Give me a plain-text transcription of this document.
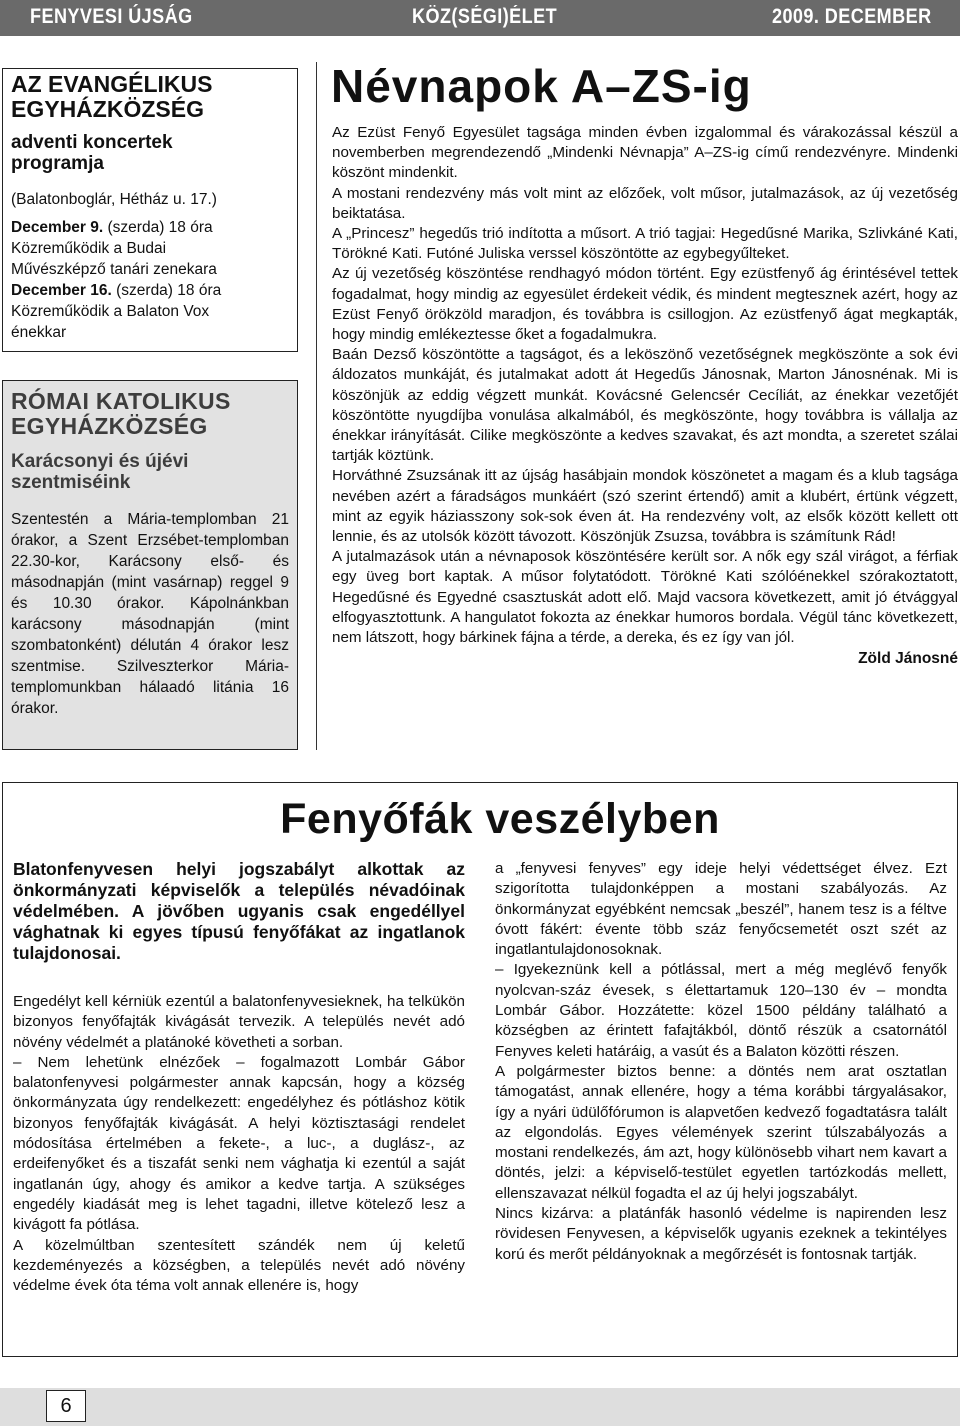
FENYVESI ÚJSÁG	KÖZ(SÉGI)ÉLET	2009. DECEMBER
AZ EVANGÉLIKUS
EGYHÁZKÖZSÉG
adventi koncertek
programja
(Balatonboglár, Hétház u. 17.)
December 9. (szerda) 18 óra
Közreműködik a Budai
Művészképző tanári zenekara
December 16. (szerda) 18 óra
Közreműködik a Balaton Vox
énekkar
RÓMAI KATOLIKUS
EGYHÁZKÖZSÉG
Karácsonyi és újévi
szentmiséink
Szentestén a Mária-templomban 21 órakor, a Szent Erzsébet-templomban 22.30-kor, Karácsony első- és másodnapján (mint vasárnap) reggel 9 és 10.30 órakor. Kápolnánkban karácsony másodnapján (mint szombatonként) délután 4 órakor lesz szentmise. Szilveszterkor Mária-templomunkban hálaadó litánia 16 órakor.
Névnapok A–ZS-ig

Az Ezüst Fenyő Egyesület tagsága minden évben izgalommal és várakozással készül a novemberben megrendezendő „Mindenki Névnapja” A–ZS-ig című rendezvényre. Mindenki köszönt mindenkit.

A mostani rendezvény más volt mint az előzőek, volt műsor, jutalmazások, az új vezetőség beiktatása.

A „Princesz” hegedűs trió indította a műsort. A trió tagjai: Hegedűsné Marika, Szlivkáné Kati, Törökné Kati. Futóné Juliska verssel köszöntötte az egybegyűlteket.

Az új vezetőség köszöntése rendhagyó módon történt. Egy ezüstfenyő ág érintésével tettek fogadalmat, hogy mindig az egyesület érdekeit védik, és mindent megtesznek azért, hogy az Ezüst Fenyő örökzöld maradjon, és továbbra is csillogjon. Az ezüstfenyő ágat megkapták, hogy mindig emlékeztesse őket a fogadalmukra.

Baán Dezső köszöntötte a tagságot, és a leköszönő vezetőségnek megköszönte a sok évi áldozatos munkáját, és jutalmakat adott át Hegedűs Jánosnak, Marton Jánosnénak. Mi is köszönjük az eddig végzett munkát. Kovácsné Gelencsér Cecíliát, az énekkar vezetőjét köszöntötte nyugdíjba vonulása alkalmából, és megköszönte, hogy továbbra is vállalja az énekkar irányítását. Cilike megköszönte a kedves szavakat, és azt mondta, a szeretet szálai tartják köztünk.

Horváthné Zsuzsának itt az újság hasábjain mondok köszönetet a magam és a klub tagsága nevében azért a fáradságos munkáért (szó szerint értendő) amit a klubért, értünk végzett, mint az egyik háziasszony sok-sok éven át. Ha rendezvény volt, az elsők között kellett ott lennie, és az utolsók között távozott. Köszönjük Zsuzsa, továbbra is számítunk Rád!

A jutalmazások után a névnaposok köszöntésére került sor. A nők egy szál virágot, a férfiak egy üveg bort kaptak. A műsor folytatódott. Törökné Kati szólóénekkel szórakoztatott, Hegedűsné és Egyedné csasztuskát adott elő. Majd vacsora következett, amit jó étvággyal elfogyasztottunk. A hangulatot fokozta az énekkar humoros bordala. Végül tánc következett, nem látszott, hogy bárkinek fájna a térde, a dereka, és ez így van jól.

Zöld Jánosné
Fenyőfák veszélyben

Blatonfenyvesen helyi jogszabályt alkottak az önkormányzati képviselők a település névadóinak védelmében. A jövőben ugyanis csak engedéllyel vághatnak ki egyes típusú fenyőfákat az ingatlanok tulajdonosai.

Engedélyt kell kérniük ezentúl a balatonfenyvesieknek, ha telkükön bizonyos fenyőfajták kivágását tervezik. A település nevét adó növény védelmét a platánoké követheti a sorban.

– Nem lehetünk elnézőek – fogalmazott Lombár Gábor balatonfenyvesi polgármester annak kapcsán, hogy a község önkormányzata úgy rendelkezett: engedélyhez és pótláshoz kötik bizonyos fenyőfajták kivágását. A helyi köztisztasági rendelet módosítása értelmében a fekete-, a luc-, a duglász-, az erdeifenyőket és a tiszafát senki nem vághatja ki ezentúl a saját ingatlanán úgy, ahogy és amikor a kedve tartja. A szükséges engedély kiadását meg is lehet tagadni, illetve kötelező lesz a kivágott fa pótlása.

A közelmúltban szentesített szándék nem új keletű kezdeményezés a községben, a település nevét adó növény védelme évek óta téma volt annak ellenére is, hogy

a „fenyvesi fenyves” egy ideje helyi védettséget élvez. Ezt szigorította tulajdonképpen a mostani szabályozás. Az önkormányzat egyébként nemcsak „beszél”, hanem tesz is a féltve óvott fákért: évente több száz fenyőcsemetét oszt szét az ingatlantulajdonosoknak.

– Igyekeznünk kell a pótlással, mert a még meglévő fenyők nyolcvan-száz évesek, s élettartamuk 120–130 év – mondta Lombár Gábor. Hozzátette: közel 1500 példány található a községben az érintett fafajtákból, döntő részük a csatornától Fenyves keleti határáig, a vasút és a Balaton közötti részen.

A polgármester biztos benne: a döntés nem arat osztatlan támogatást, annak ellenére, hogy a téma korábbi tárgyalásakor, így a nyári üdülőfórumon is alapvetően kedvező fogadtatásra talált az elgondolás. Egyes vélemények szerint túlszabályozás a mostani rendelkezés, ám azt, hogy különösebb vihart nem kavart a döntés, jelzi: a képviselő-testület egyetlen tartózkodás mellett, ellenszavazat nélkül fogadta el az új helyi jogszabályt.

Nincs kizárva: a platánfák hasonló védelme is napirenden lesz rövidesen Fenyvesen, a képviselők ugyanis ezeknek a tekintélyes korú és merőt példányoknak a megőrzését is fontosnak tartják.

6
